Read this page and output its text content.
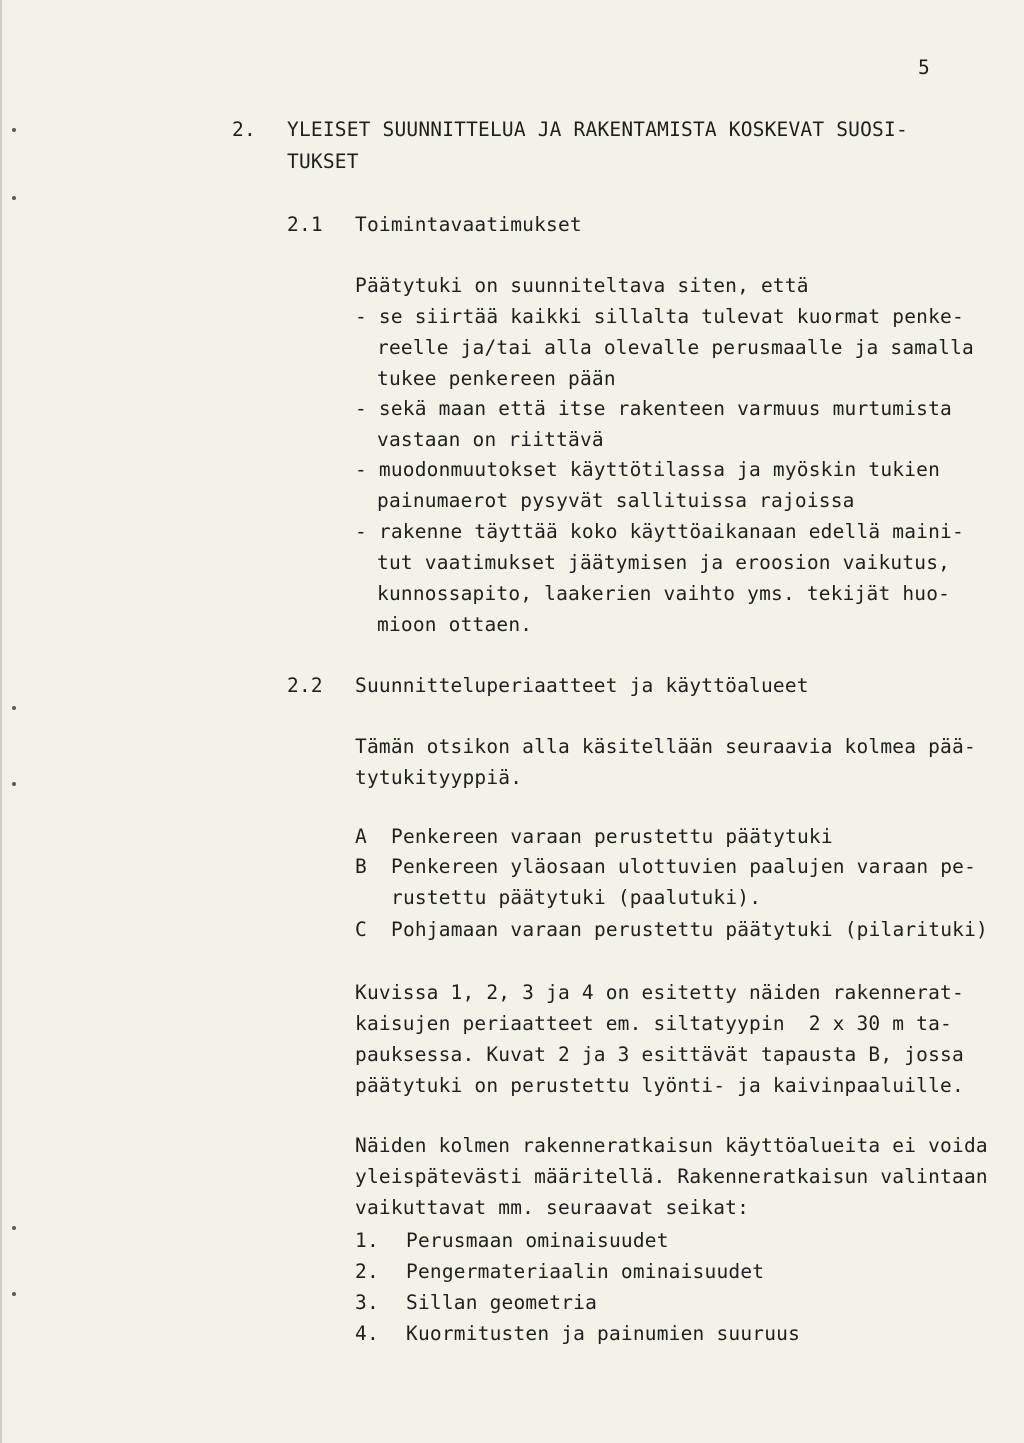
5
2. YLEISET SUUNNITTELUA JA RAKENTAMISTA KOSKEVAT SUOSI-
TUKSET
2.1 Toimintavaatimukset
Päätytuki on suunniteltava siten, että
- se siirtää kaikki sillalta tulevat kuormat penke-
reelle ja/tai alla olevalle perusmaalle ja samalla
tukee penkereen pään
- sekä maan että itse rakenteen varmuus murtumista
vastaan on riittävä
- muodonmuutokset käyttötilassa ja myöskin tukien
painumaerot pysyvät sallituissa rajoissa
- rakenne täyttää koko käyttöaikanaan edellä maini-
tut vaatimukset jäätymisen ja eroosion vaikutus,
kunnossapito, laakerien vaihto yms. tekijät huo-
mioon ottaen.
2.2 Suunnitteluperiaatteet ja käyttöalueet
Tämän otsikon alla käsitellään seuraavia kolmea pää-
tytukityyppiä.
A Penkereen varaan perustettu päätytuki
B Penkereen yläosaan ulottuvien paalujen varaan pe-
rustettu päätytuki (paalutuki).
C Pohjamaan varaan perustettu päätytuki (pilarituki)
Kuvissa 1, 2, 3 ja 4 on esitetty näiden rakennerat-
kaisujen periaatteet em. siltatyypin  2 x 30 m ta-
pauksessa. Kuvat 2 ja 3 esittävät tapausta B, jossa
päätytuki on perustettu lyönti- ja kaivinpaaluille.
Näiden kolmen rakenneratkaisun käyttöalueita ei voida
yleispätevästi määritellä. Rakenneratkaisun valintaan
vaikuttavat mm. seuraavat seikat:
1. Perusmaan ominaisuudet
2. Pengermateriaalin ominaisuudet
3. Sillan geometria
4. Kuormitusten ja painumien suuruus
